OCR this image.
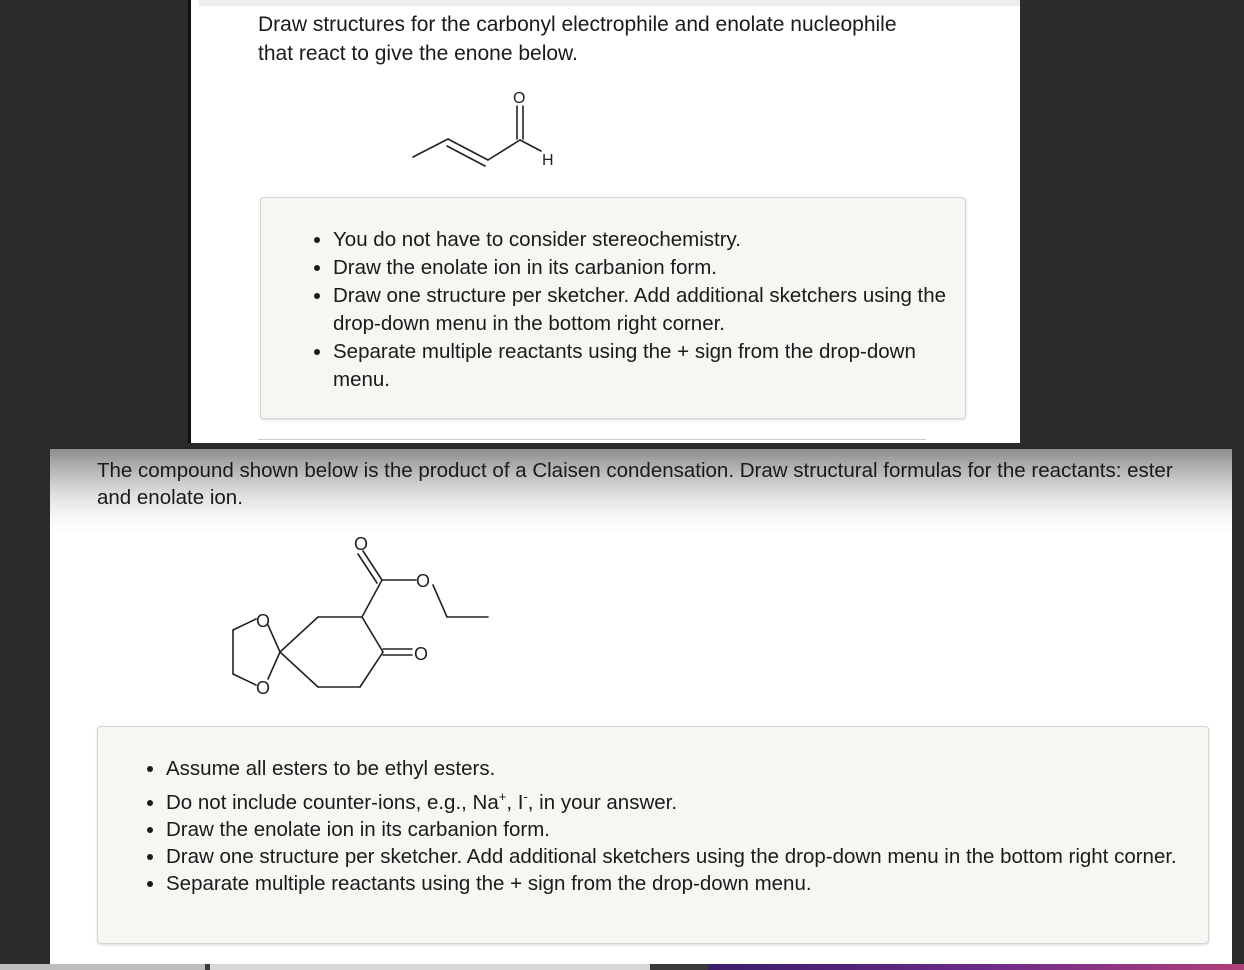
Draw structures for the carbonyl electrophile and enolate nucleophile that react to give the enone below.

O
H
• You do not have to consider stereochemistry.
• Draw the enolate ion in its carbanion form.
• Draw one structure per sketcher. Add additional sketchers using the drop-down menu in the bottom right corner.
• Separate multiple reactants using the + sign from the drop-down menu.

The compound shown below is the product of a Claisen condensation. Draw structural formulas for the reactants: ester and enolate ion.

O
O
O
O
O
• Assume all esters to be ethyl esters.
• Do not include counter-ions, e.g., Na+, I-, in your answer.
• Draw the enolate ion in its carbanion form.
• Draw one structure per sketcher. Add additional sketchers using the drop-down menu in the bottom right corner.
• Separate multiple reactants using the + sign from the drop-down menu.
